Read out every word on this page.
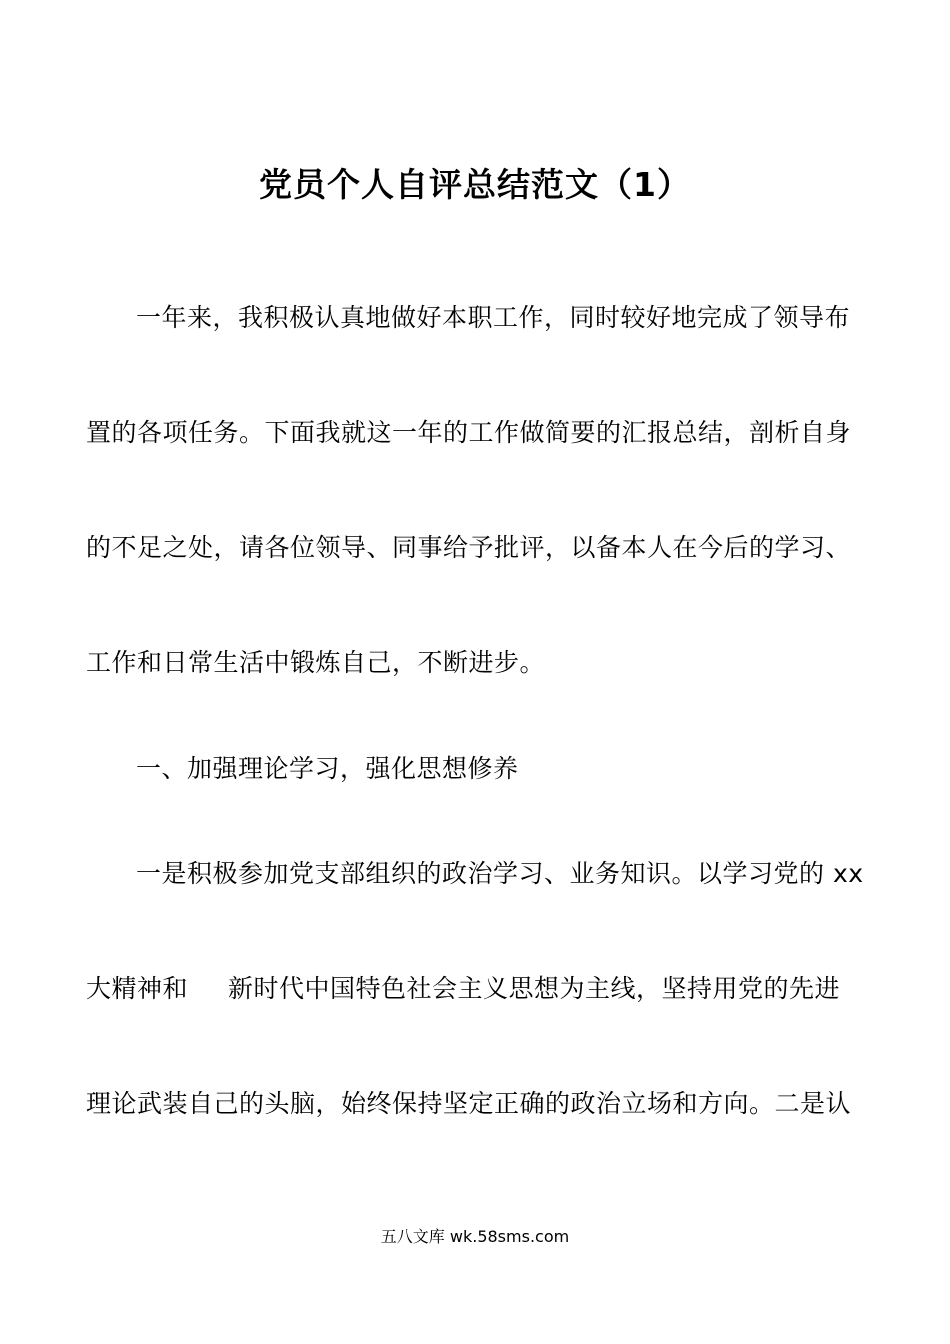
党员个人自评总结范文（1）
一年来，我积极认真地做好本职工作，同时较好地完成了领导布
置的各项任务。下面我就这一年的工作做简要的汇报总结，剖析自身
的不足之处，请各位领导、同事给予批评，以备本人在今后的学习、
工作和日常生活中锻炼自己，不断进步。
一、加强理论学习，强化思想修养
一是积极参加党支部组织的政治学习、业务知识。以学习党的 xx
大精神和 新时代中国特色社会主义思想为主线，坚持用党的先进
理论武装自己的头脑，始终保持坚定正确的政治立场和方向。二是认
五八文库 wk.58sms.com
